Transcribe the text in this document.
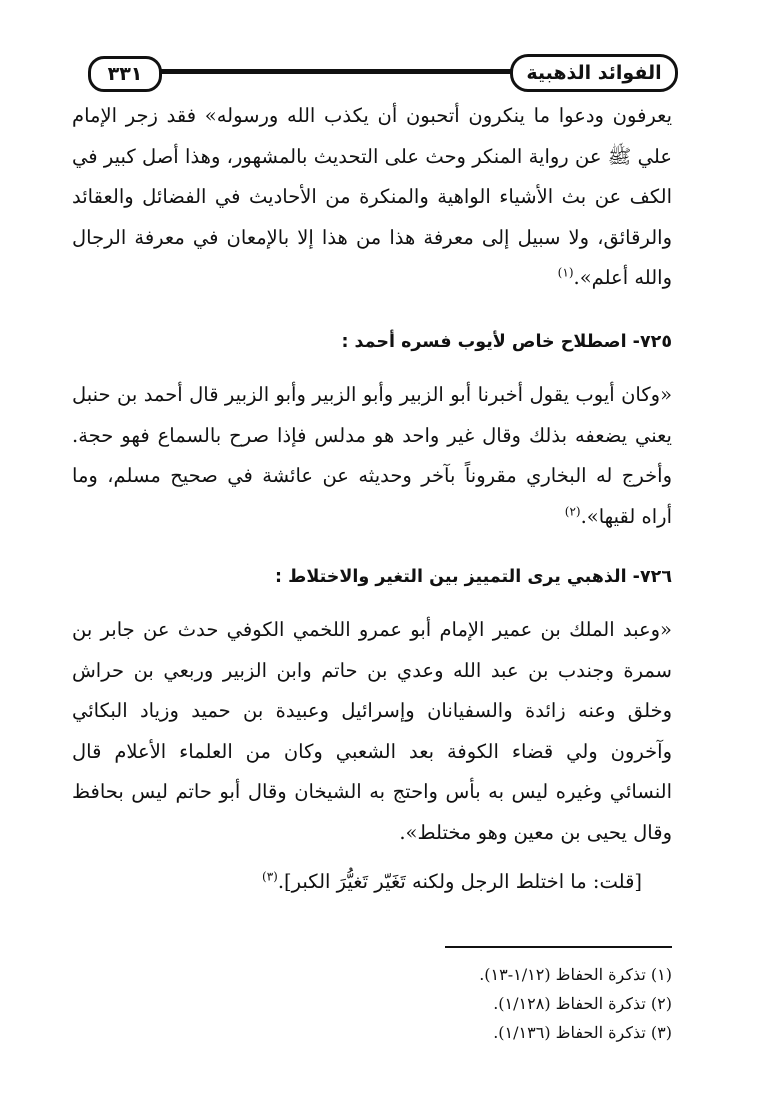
٣٣١	الفوائد الذهبية

يعرفون ودعوا ما ينكرون أتحبون أن يكذب الله ورسوله» فقد زجر الإمام علي ﷺ عن رواية المنكر وحث على التحديث بالمشهور، وهذا أصل كبير في الكف عن بث الأشياء الواهية والمنكرة من الأحاديث في الفضائل والعقائد والرقائق، ولا سبيل إلى معرفة هذا من هذا إلا بالإمعان في معرفة الرجال والله أعلم».$^{(١)}$

٧٢٥- اصطلاح خاص لأيوب فسره أحمد :

«وكان أيوب يقول أخبرنا أبو الزبير وأبو الزبير وأبو الزبير قال أحمد بن حنبل يعني يضعفه بذلك وقال غير واحد هو مدلس فإذا صرح بالسماع فهو حجة. وأخرج له البخاري مقروناً بآخر وحديثه عن عائشة في صحيح مسلم، وما أراه لقيها».$^{(٢)}$

٧٢٦- الذهبي يرى التمييز بين التغير والاختلاط :

«وعبد الملك بن عمير الإمام أبو عمرو اللخمي الكوفي حدث عن جابر بن سمرة وجندب بن عبد الله وعدي بن حاتم وابن الزبير وربعي بن حراش وخلق وعنه زائدة والسفيانان وإسرائيل وعبيدة بن حميد وزياد البكائي وآخرون ولي قضاء الكوفة بعد الشعبي وكان من العلماء الأعلام قال النسائي وغيره ليس به بأس واحتج به الشيخان وقال أبو حاتم ليس بحافظ وقال يحيى بن معين وهو مختلط».

[قلت: ما اختلط الرجل ولكنه تَغَيّر تَغيُّرَ الكبر].$^{(٣)}$

(١) تذكرة الحفاظ (١/١٢-١٣).

(٢) تذكرة الحفاظ (١/١٢٨).

(٣) تذكرة الحفاظ (١/١٣٦).
